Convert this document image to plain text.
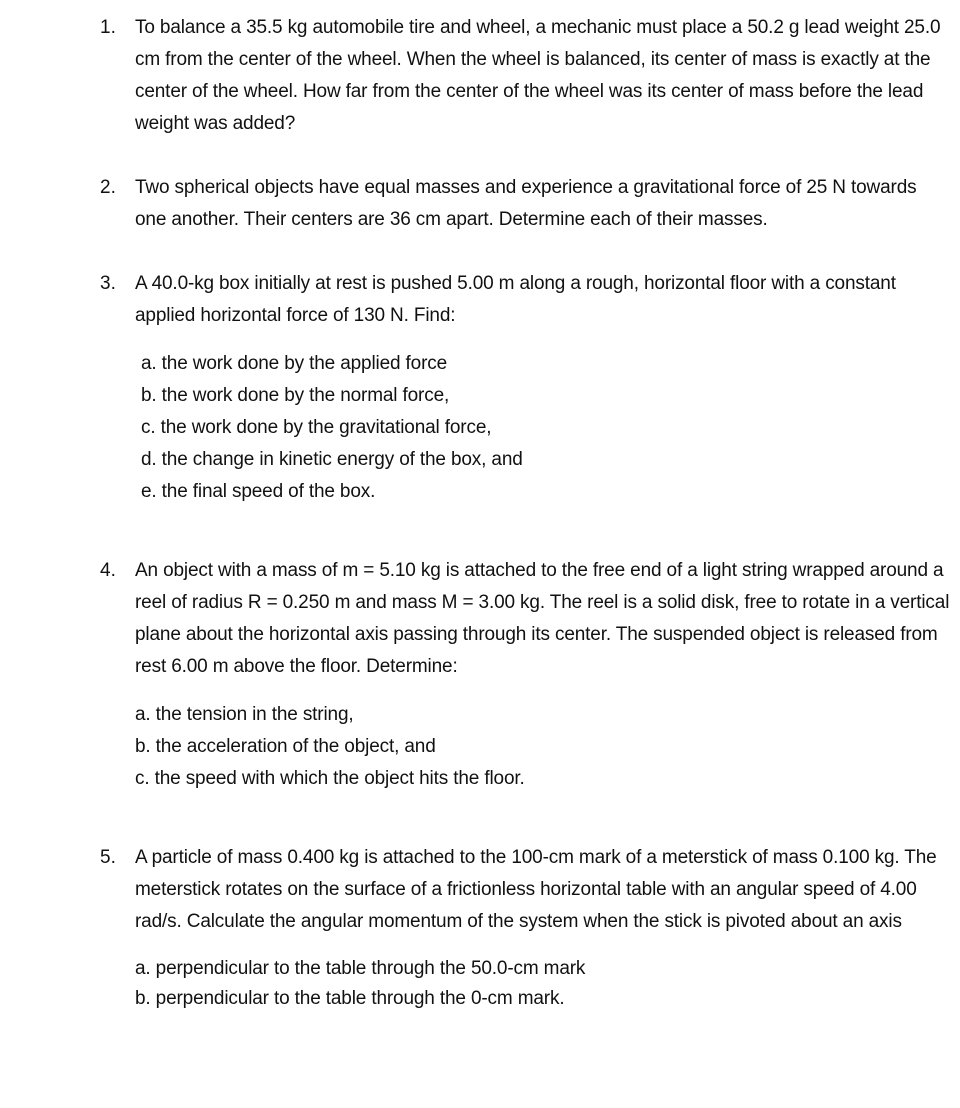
1. To balance a 35.5 kg automobile tire and wheel, a mechanic must place a 50.2 g lead weight 25.0 cm from the center of the wheel. When the wheel is balanced, its center of mass is exactly at the center of the wheel. How far from the center of the wheel was its center of mass before the lead weight was added?
2. Two spherical objects have equal masses and experience a gravitational force of 25 N towards one another. Their centers are 36 cm apart. Determine each of their masses.
3. A 40.0-kg box initially at rest is pushed 5.00 m along a rough, horizontal floor with a constant applied horizontal force of 130 N. Find:
a. the work done by the applied force
b. the work done by the normal force,
c. the work done by the gravitational force,
d. the change in kinetic energy of the box, and
e. the final speed of the box.
4. An object with a mass of m = 5.10 kg is attached to the free end of a light string wrapped around a reel of radius R = 0.250 m and mass M = 3.00 kg. The reel is a solid disk, free to rotate in a vertical plane about the horizontal axis passing through its center. The suspended object is released from rest 6.00 m above the floor. Determine:
a. the tension in the string,
b. the acceleration of the object, and
c. the speed with which the object hits the floor.
5. A particle of mass 0.400 kg is attached to the 100-cm mark of a meterstick of mass 0.100 kg. The meterstick rotates on the surface of a frictionless horizontal table with an angular speed of 4.00 rad/s. Calculate the angular momentum of the system when the stick is pivoted about an axis
a. perpendicular to the table through the 50.0-cm mark
b. perpendicular to the table through the 0-cm mark.
